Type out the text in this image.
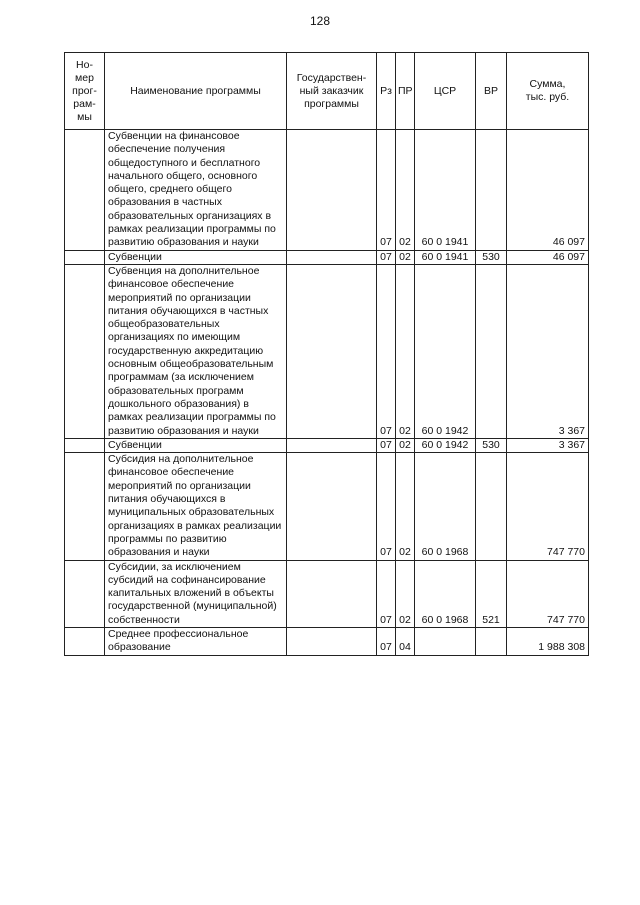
128
Но-
мер
прог-
рам-
мы	Наименование программы	Государствен-
ный заказчик
программы	Рз	ПР	ЦСР	ВР	Сумма,
тыс. руб.
	Субвенции на финансовое обеспечение получения общедоступного и бесплатного начального общего, основного общего, среднего общего образования в частных образовательных организациях в рамках реализации программы по развитию образования и науки		07	02	60 0 1941		46 097
	Субвенции		07	02	60 0 1941	530	46 097
	Субвенция на дополнительное финансовое обеспечение мероприятий по организации питания обучающихся в частных общеобразовательных организациях по имеющим государственную аккредитацию основным общеобразовательным программам (за исключением образовательных программ дошкольного образования) в рамках реализации программы по развитию образования и науки		07	02	60 0 1942		3 367
	Субвенции		07	02	60 0 1942	530	3 367
	Субсидия на дополнительное финансовое обеспечение мероприятий по организации питания обучающихся в муниципальных образовательных организациях в рамках реализации программы по развитию образования и науки		07	02	60 0 1968		747 770
	Субсидии, за исключением субсидий на софинансирование капитальных вложений в объекты государственной (муниципальной) собственности		07	02	60 0 1968	521	747 770
	Среднее профессиональное образование		07	04			1 988 308
